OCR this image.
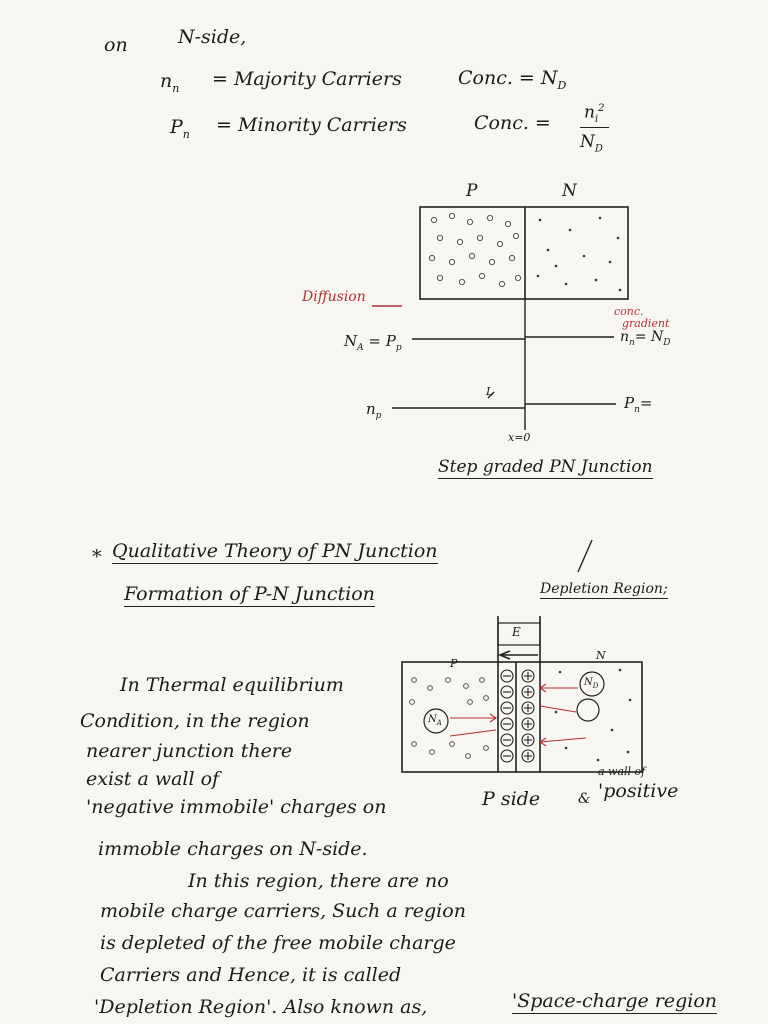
on	N-side,
$n_n$ = Majority Carriers	Conc. = $N_D$
$P_n$ = Minority Carriers	Conc. = $n_i^2$
$N_D$
P	N
Diffusion
$N_A = P_p$
conc.
gradient
$n_n= N_D$
$n_p$
$P_n=$
x=0
L
Step graded PN Junction
* Qualitative Theory of PN Junction
Formation of P-N Junction	Depletion Region;
E
P
N
$N_A$
$N_D$
a wall of
In Thermal equilibrium
Condition, in the region
nearer junction there
exist a wall of
'negative immobile' charges on	P side	& 'positive
immoble charges on N-side.
In this region, there are no
mobile charge carriers, Such a region
is depleted of the free mobile charge
Carriers and Hence, it is called
'Depletion Region'. Also known as,	'Space-charge region
